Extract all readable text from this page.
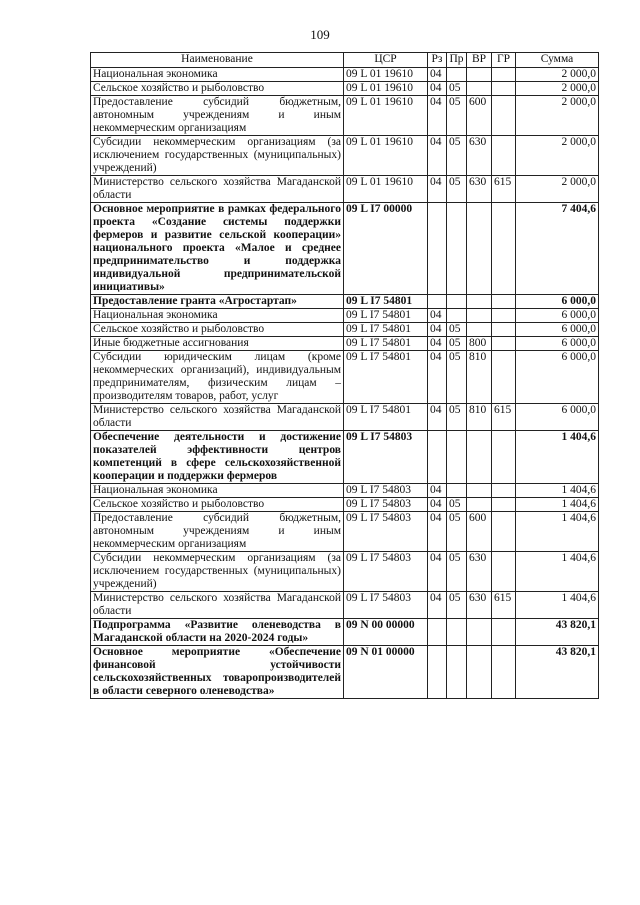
109
Наименование	ЦСР	Рз	Пр	ВР	ГР	Сумма
Национальная экономика	09 L 01 19610	04				2 000,0
Сельское хозяйство и рыболовство	09 L 01 19610	04	05			2 000,0
Предоставление субсидий бюджетным, автономным учреждениям и иным некоммерческим организациям	09 L 01 19610	04	05	600		2 000,0
Субсидии некоммерческим организациям (за исключением государственных (муниципальных) учреждений)	09 L 01 19610	04	05	630		2 000,0
Министерство сельского хозяйства Магаданской области	09 L 01 19610	04	05	630	615	2 000,0
Основное мероприятие в рамках федерального проекта «Создание системы поддержки фермеров и развитие сельской кооперации» национального проекта «Малое и среднее предпринимательство и поддержка индивидуальной предпринимательской инициативы»	09 L I7 00000					7 404,6
Предоставление гранта «Агростартап»	09 L I7 54801					6 000,0
Национальная экономика	09 L I7 54801	04				6 000,0
Сельское хозяйство и рыболовство	09 L I7 54801	04	05			6 000,0
Иные бюджетные ассигнования	09 L I7 54801	04	05	800		6 000,0
Субсидии юридическим лицам (кроме некоммерческих организаций), индивидуальным предпринимателям, физическим лицам – производителям товаров, работ, услуг	09 L I7 54801	04	05	810		6 000,0
Министерство сельского хозяйства Магаданской области	09 L I7 54801	04	05	810	615	6 000,0
Обеспечение деятельности и достижение показателей эффективности центров компетенций в сфере сельскохозяйственной кооперации и поддержки фермеров	09 L I7 54803					1 404,6
Национальная экономика	09 L I7 54803	04				1 404,6
Сельское хозяйство и рыболовство	09 L I7 54803	04	05			1 404,6
Предоставление субсидий бюджетным, автономным учреждениям и иным некоммерческим организациям	09 L I7 54803	04	05	600		1 404,6
Субсидии некоммерческим организациям (за исключением государственных (муниципальных) учреждений)	09 L I7 54803	04	05	630		1 404,6
Министерство сельского хозяйства Магаданской области	09 L I7 54803	04	05	630	615	1 404,6
Подпрограмма «Развитие оленеводства в Магаданской области на 2020-2024 годы»	09 N 00 00000					43 820,1
Основное мероприятие «Обеспечение финансовой устойчивости сельскохозяйственных товаропроизводителей в области северного оленеводства»	09 N 01 00000					43 820,1
